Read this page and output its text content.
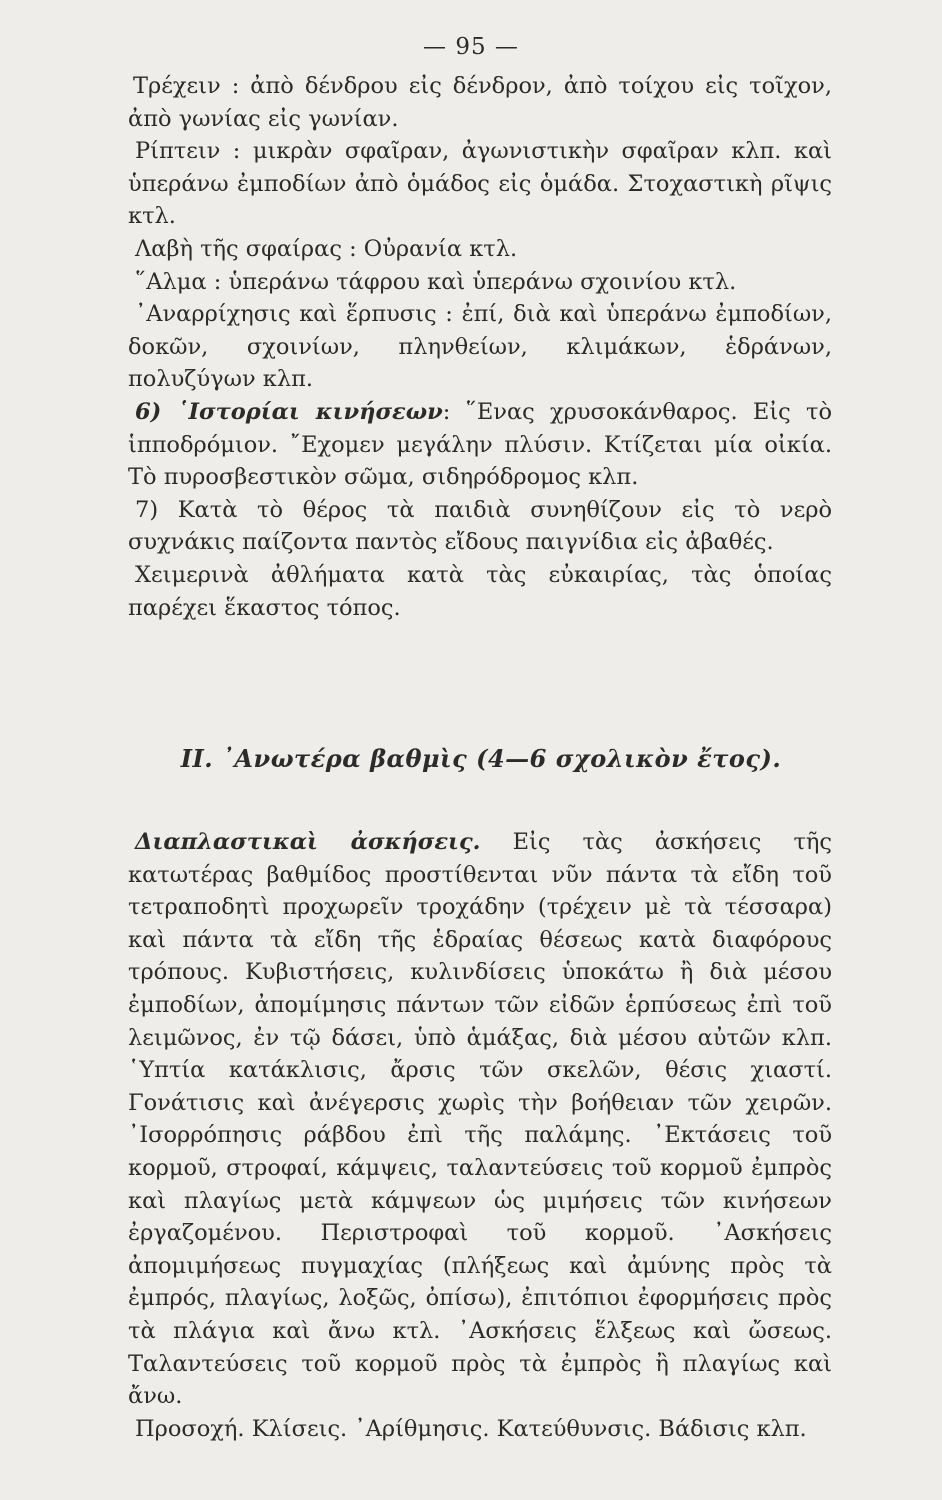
— 95 —

Τρέχειν : ἀπὸ δένδρου εἰς δένδρον, ἀπὸ τοίχου εἰς τοῖχον, ἀπὸ γωνίας εἰς γωνίαν.

Ρίπτειν : μικρὰν σφαῖραν, ἀγωνιστικὴν σφαῖραν κλπ. καὶ ὑπεράνω ἐμποδίων ἀπὸ ὁμάδος εἰς ὁμάδα. Στοχαστικὴ ρῖψις κτλ.

Λαβὴ τῆς σφαίρας : Οὐρανία κτλ.

῞Αλμα : ὑπεράνω τάφρου καὶ ὑπεράνω σχοινίου κτλ.

᾿Αναρρίχησις καὶ ἕρπυσις : ἐπί, διὰ καὶ ὑπεράνω ἐμποδίων, δοκῶν, σχοινίων, πληνθείων, κλιμάκων, ἑδράνων, πολυζύγων κλπ.

6) ῾Ιστορίαι κινήσεων: ῞Ενας χρυσοκάνθαρος. Εἰς τὸ ἱπποδρόμιον. ῎Εχομεν μεγάλην πλύσιν. Κτίζεται μία οἰκία. Τὸ πυροσβεστικὸν σῶμα, σιδηρόδρομος κλπ.

7) Κατὰ τὸ θέρος τὰ παιδιὰ συνηθίζουν εἰς τὸ νερὸ συχνάκις παίζοντα παντὸς εἴδους παιγνίδια εἰς ἀβαθές.

Χειμερινὰ ἀθλήματα κατὰ τὰς εὐκαιρίας, τὰς ὁποίας παρέχει ἕκαστος τόπος.

ΙΙ. ᾿Ανωτέρα βαθμὶς (4—6 σχολικὸν ἔτος).

Διαπλαστικαὶ ἀσκήσεις. Εἰς τὰς ἀσκήσεις τῆς κατωτέρας βαθμίδος προστίθενται νῦν πάντα τὰ εἴδη τοῦ τετραποδητὶ προχωρεῖν τροχάδην (τρέχειν μὲ τὰ τέσσαρα) καὶ πάντα τὰ εἴδη τῆς ἑδραίας θέσεως κατὰ διαφόρους τρόπους. Κυβιστήσεις, κυλινδίσεις ὑποκάτω ἢ διὰ μέσου ἐμποδίων, ἀπομίμησις πάντων τῶν εἰδῶν ἑρπύσεως ἐπὶ τοῦ λειμῶνος, ἐν τῷ δάσει, ὑπὸ ἁμάξας, διὰ μέσου αὐτῶν κλπ. ῾Υπτία κατάκλισις, ἄρσις τῶν σκελῶν, θέσις χιαστί. Γονάτισις καὶ ἀνέγερσις χωρὶς τὴν βοήθειαν τῶν χειρῶν. ᾿Ισορρόπησις ράβδου ἐπὶ τῆς παλάμης. ᾿Εκτάσεις τοῦ κορμοῦ, στροφαί, κάμψεις, ταλαντεύσεις τοῦ κορμοῦ ἐμπρὸς καὶ πλαγίως μετὰ κάμψεων ὡς μιμήσεις τῶν κινήσεων ἐργαζομένου. Περιστροφαὶ τοῦ κορμοῦ. ᾿Ασκήσεις ἀπομιμήσεως πυγμαχίας (πλήξεως καὶ ἀμύνης πρὸς τὰ ἐμπρός, πλαγίως, λοξῶς, ὀπίσω), ἐπιτόπιοι ἐφορμήσεις πρὸς τὰ πλάγια καὶ ἄνω κτλ. ᾿Ασκήσεις ἕλξεως καὶ ὤσεως. Ταλαντεύσεις τοῦ κορμοῦ πρὸς τὰ ἐμπρὸς ἢ πλαγίως καὶ ἄνω.

Προσοχή. Κλίσεις. ᾿Αρίθμησις. Κατεύθυνσις. Βάδισις κλπ.
